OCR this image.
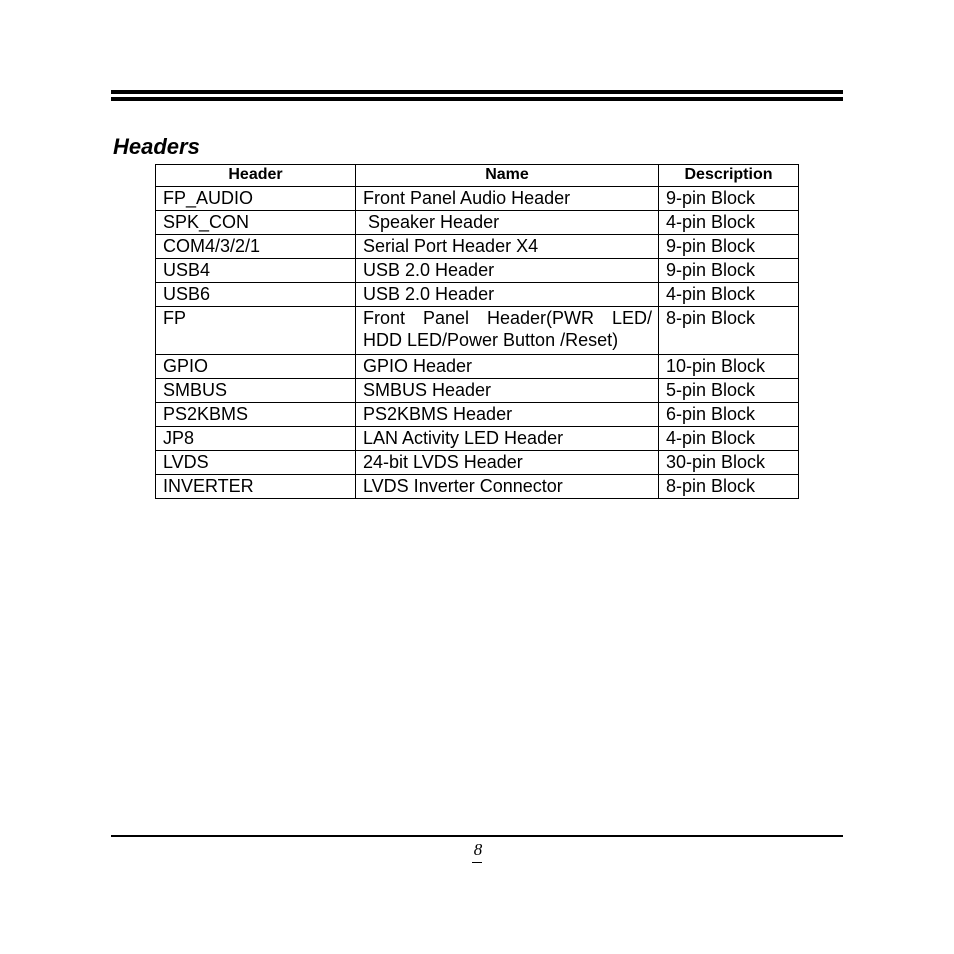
Headers
Header	Name	Description
FP_AUDIO	Front Panel Audio Header	9-pin Block
SPK_CON	Speaker Header	4-pin Block
COM4/3/2/1	Serial Port Header X4	9-pin Block
USB4	USB 2.0 Header	9-pin Block
USB6	USB 2.0 Header	4-pin Block
FP	Front Panel Header(PWR LED/ HDD LED/Power Button /Reset)	8-pin Block
GPIO	GPIO Header	10-pin Block
SMBUS	SMBUS Header	5-pin Block
PS2KBMS	PS2KBMS Header	6-pin Block
JP8	LAN Activity LED Header	4-pin Block
LVDS	24-bit LVDS Header	30-pin Block
INVERTER	LVDS Inverter Connector	8-pin Block
8
